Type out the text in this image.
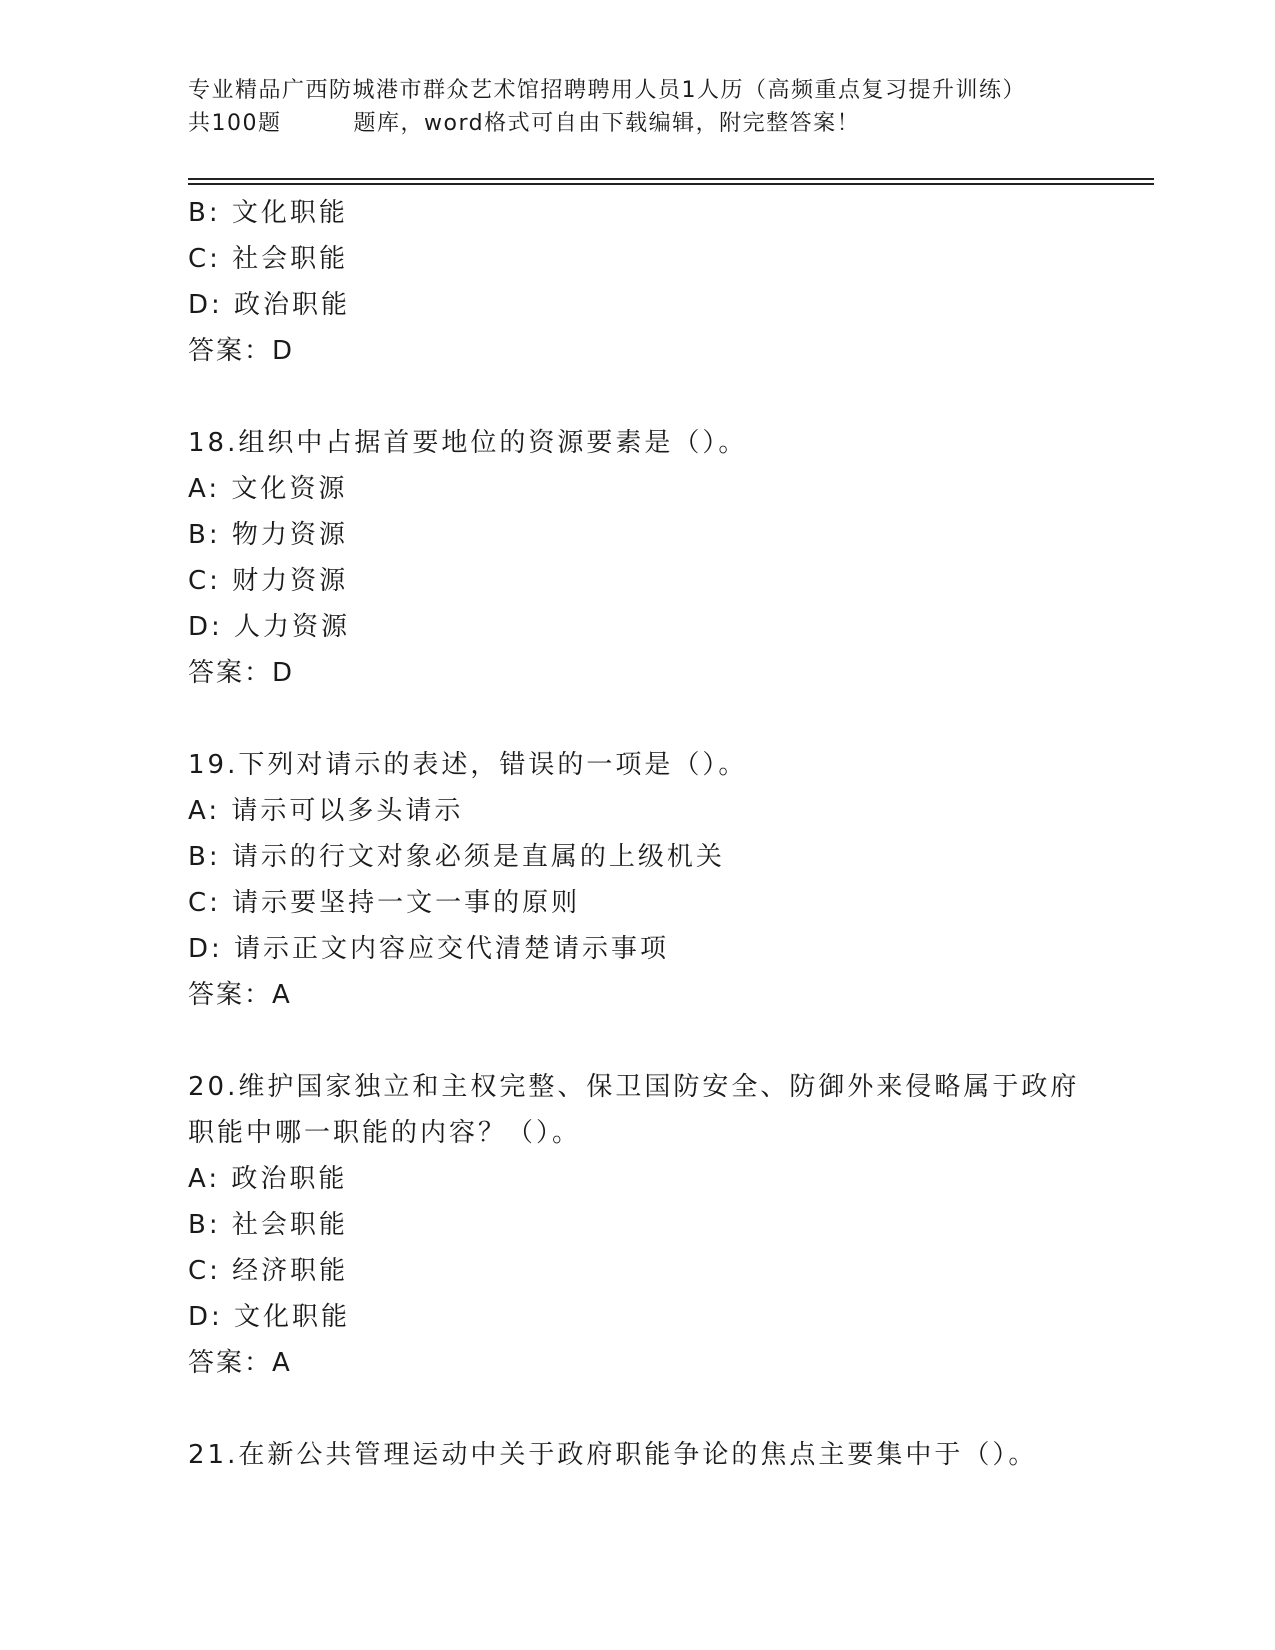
专业精品广西防城港市群众艺术馆招聘聘用人员1人历（高频重点复习提升训练）
共100题	题库，word格式可自由下载编辑，附完整答案！
B: 文化职能
C: 社会职能
D: 政治职能
答案：D
18.组织中占据首要地位的资源要素是（）。
A: 文化资源
B: 物力资源
C: 财力资源
D: 人力资源
答案：D
19.下列对请示的表述，错误的一项是（）。
A: 请示可以多头请示
B: 请示的行文对象必须是直属的上级机关
C: 请示要坚持一文一事的原则
D: 请示正文内容应交代清楚请示事项
答案：A
20.维护国家独立和主权完整、保卫国防安全、防御外来侵略属于政府
职能中哪一职能的内容？（）。
A: 政治职能
B: 社会职能
C: 经济职能
D: 文化职能
答案：A
21.在新公共管理运动中关于政府职能争论的焦点主要集中于（）。
